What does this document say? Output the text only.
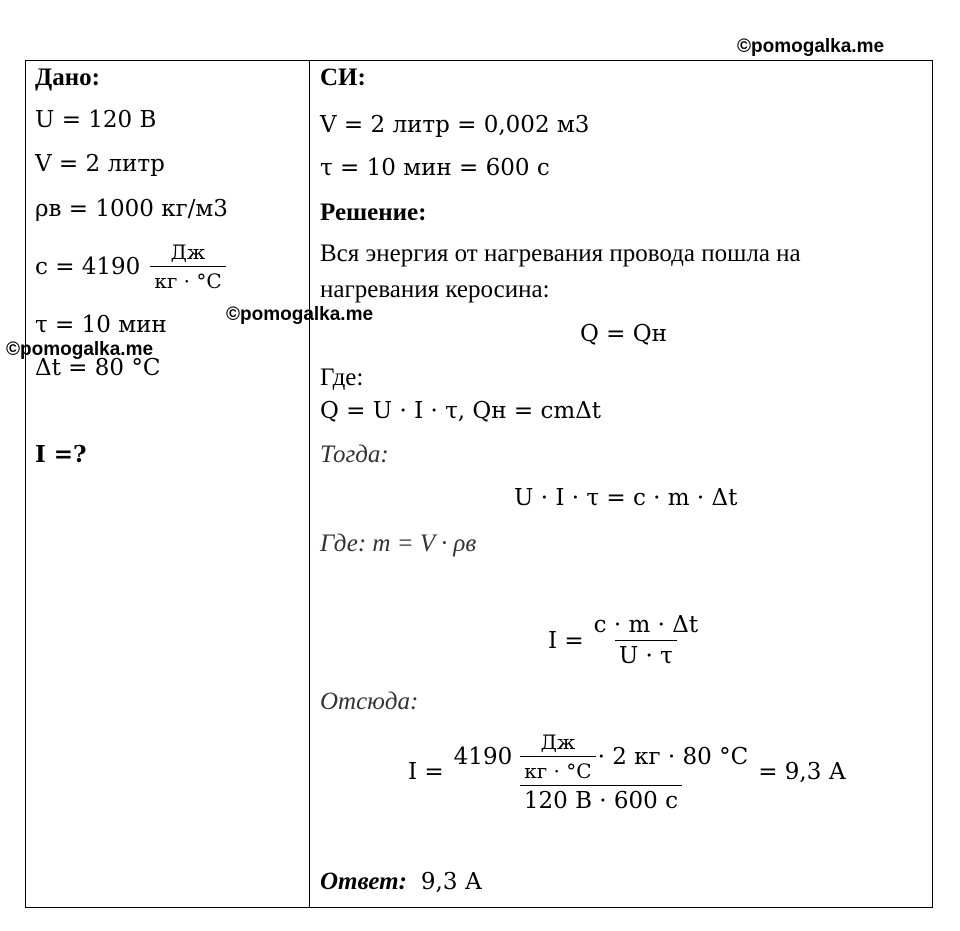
©pomogalka.me
©pomogalka.me
©pomogalka.me
Дано:
U = 120 В
V = 2 литр
ρв = 1000 кг/м3
$c = 4190 \frac{Дж}{кг \cdot ^\circ C}$
τ = 10 мин
Δt = 80 °C
I =?
СИ:
V = 2 литр = 0,002 м3
τ = 10 мин = 600 с
Решение:
Вся энергия от нагревания провода пошла на
нагревания керосина:
Q = Qн
Где:
Q = U · I · τ, Qн = cmΔt
Тогда:
U · I · τ = c · m · Δt
Где: m = V · ρв
$I = \frac{c \cdot m \cdot \Delta t}{U \cdot \tau}$
Отсюда:
I =
$4190 \frac{Дж}{кг \cdot ^\circ C} \cdot 2$ кг · 80 °C
120 В · 600 с
= 9,3 А
Ответ: 9,3 А
